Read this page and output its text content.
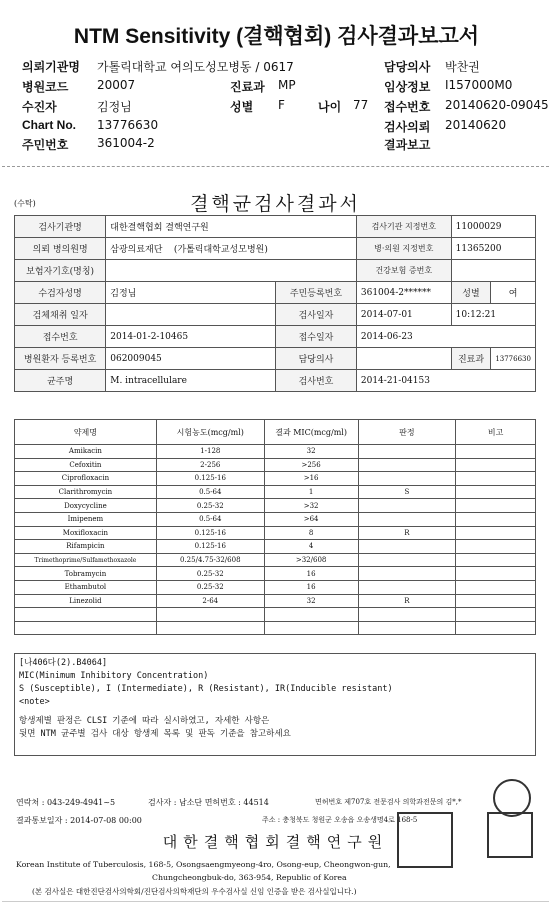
NTM Sensitivity (결핵협회) 검사결과보고서
의뢰기관명 가톨릭대학교 여의도성모병동 / 0617	담당의사 박찬권
병원코드 20007	진료과 MP	임상정보 I157000M0
수진자	김정님	성별 F	나이 77 접수번호 20140620-09045
Chart No. 13776630	검사의뢰 20140620
주민번호 361004-2	결과보고
(수탁)	결핵균검사결과서
검사기관명	대한결핵협회 결핵연구원		검사기관 지정번호	11000029	
의뢰 병의원명	삼광의료재단 (가톨릭대학교성모병원)		병·의원 지정번호	11365200	
보험자기호(명칭)			건강보험 증번호		
수검자성명	김정님	주민등록번호	361004-2******	성별	여
검체채취 일자		검사일자	2014-07-01	10:12:21	
접수번호	2014-01-2-10465	접수일자	2014-06-23		
병원환자 등록번호	062009045	담당의사		진료과	13776630
균주명	M. intracellulare	검사번호	2014-21-04153		
약제명	시험농도(mcg/ml)	결과 MIC(mcg/ml)	판정	비고
Amikacin	1-128	32		
Cefoxitin	2-256	>256		
Ciprofloxacin	0.125-16	>16		
Clarithromycin	0.5-64	1	S	
Doxycycline	0.25-32	>32		
Imipenem	0.5-64	>64		
Moxifloxacin	0.125-16	8	R	
Rifampicin	0.125-16	4		
Trimethoprime/Sulfamethoxazole	0.25/4.75-32/608	>32/608		
Tobramycin	0.25-32	16		
Ethambutol	0.25-32	16		
Linezolid	2-64	32	R	

[나406다(2).B4064]
MIC(Minimum Inhibitory Concentration)
S (Susceptible), I (Intermediate), R (Resistant), IR(Inducible resistant)
<note>
항생제별 판정은 CLSI 기준에 따라 실시하였고, 자세한 사항은
뒷면 NTM 균주별 검사 대상 항생제 목록 및 판독 기준을 참고하세요
연락처 : 043-249-4941~5	검사자 : 남소단 면허번호 : 44514	면허번호 제707호 전문검사 의학과전문의 김*,*
결과통보일자 : 2014-07-08 00:00	주소 : 충청북도 청원군 오송읍 오송생명4로 168-5
대한결핵협회결핵연구원
Korean Institute of Tuberculosis, 168-5, Osongsaengmyeong-4ro, Osong-eup, Cheongwon-gun,
Chungcheongbuk-do, 363-954, Republic of Korea
(본 검사실은 대한진단검사의학회/진단검사의학재단의 우수검사실 신임 인증을 받은 검사실입니다.)
